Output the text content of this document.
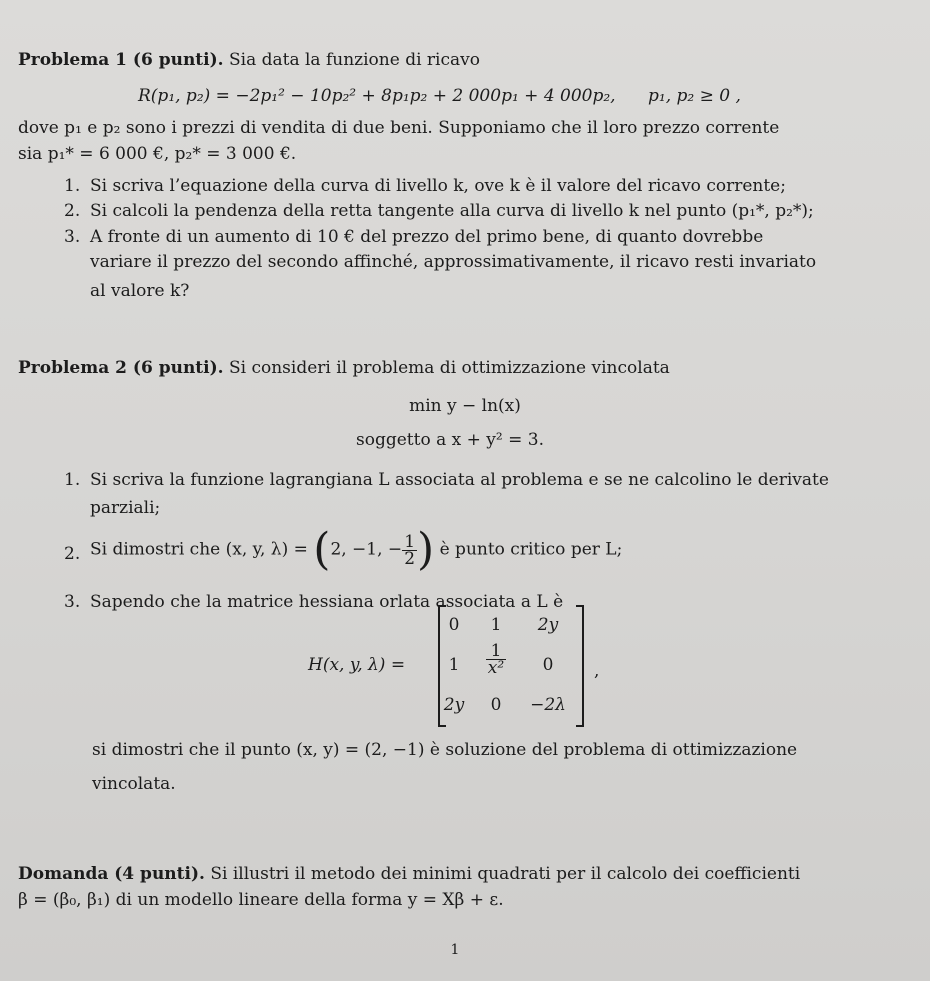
Problema 1 (6 punti). Sia data la funzione di ricavo
R(p₁, p₂) = −2p₁² − 10p₂² + 8p₁p₂ + 2 000p₁ + 4 000p₂, p₁, p₂ ≥ 0 ,
dove p₁ e p₂ sono i prezzi di vendita di due beni. Supponiamo che il loro prezzo corrente
sia p₁* = 6 000 €, p₂* = 3 000 €.
1. Si scriva l’equazione della curva di livello k, ove k è il valore del ricavo corrente;
2. Si calcoli la pendenza della retta tangente alla curva di livello k nel punto (p₁*, p₂*);
3. A fronte di un aumento di 10 € del prezzo del primo bene, di quanto dovrebbe
variare il prezzo del secondo affinché, approssimativamente, il ricavo resti invariato
al valore k?
Problema 2 (6 punti). Si consideri il problema di ottimizzazione vincolata
min y − ln(x)
soggetto a x + y² = 3.
1. Si scriva la funzione lagrangiana L associata al problema e se ne calcolino le derivate
parziali;
2. Si dimostri che (x, y, λ) = (2, −1, − $\frac{1}{2}$ ) è punto critico per L;
3. Sapendo che la matrice hessiana orlata associata a L è
H(x, y, λ) =
0	1	2y
1	$\frac{1}{\text{x²}}$	0
2y	0	−2λ
,
si dimostri che il punto (x, y) = (2, −1) è soluzione del problema di ottimizzazione
vincolata.
Domanda (4 punti). Si illustri il metodo dei minimi quadrati per il calcolo dei coefficienti
β = (β₀, β₁) di un modello lineare della forma y = Xβ + ε.
1
